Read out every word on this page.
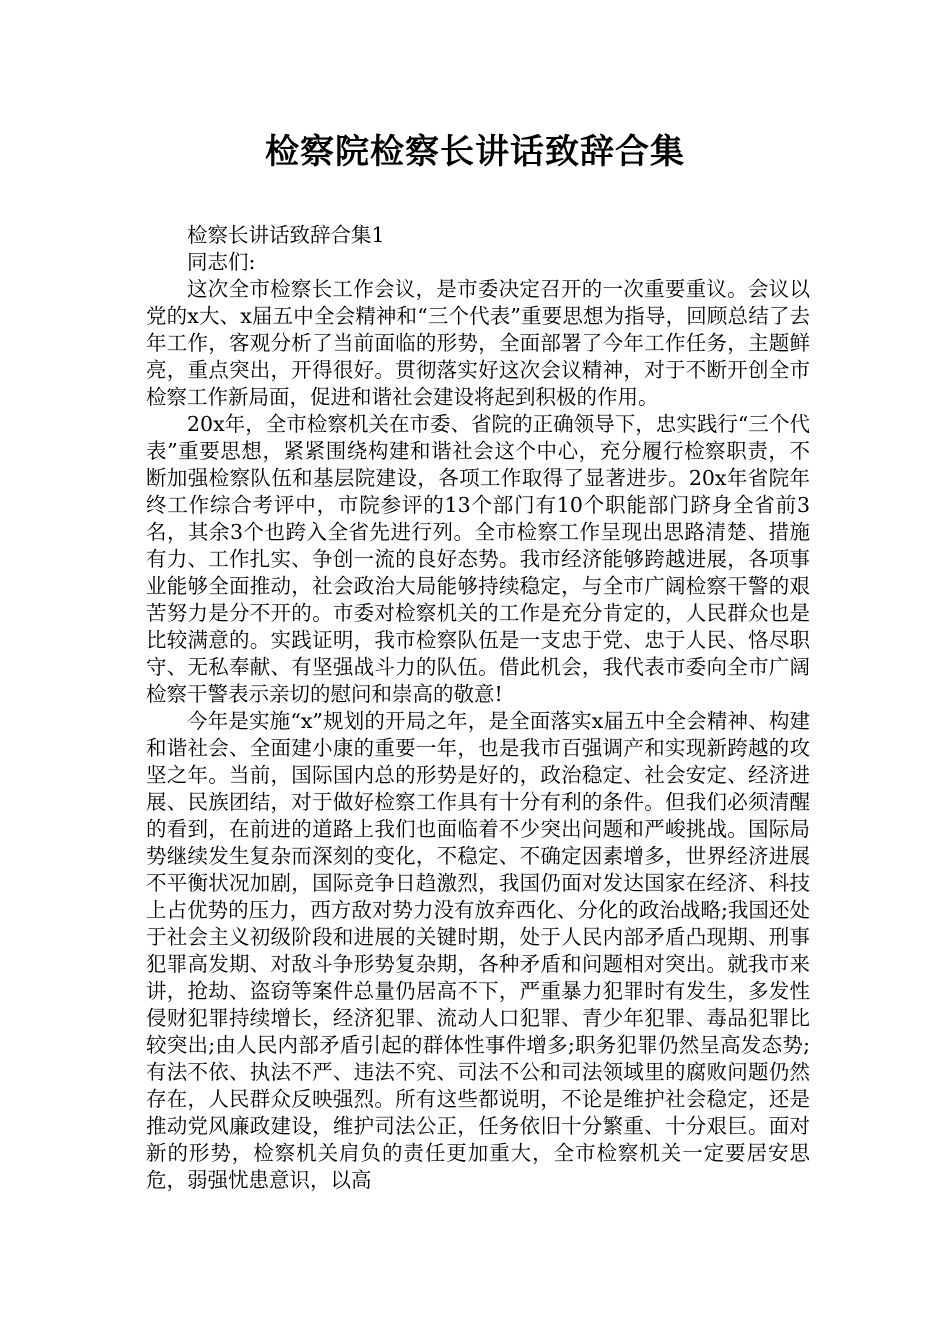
检察院检察长讲话致辞合集

检察长讲话致辞合集1

同志们:

这次全市检察长工作会议，是市委决定召开的一次重要重议。会议以党的x大、x届五中全会精神和“三个代表”重要思想为指导，回顾总结了去年工作，客观分析了当前面临的形势，全面部署了今年工作任务，主题鲜亮，重点突出，开得很好。贯彻落实好这次会议精神，对于不断开创全市检察工作新局面，促进和谐社会建设将起到积极的作用。

20x年，全市检察机关在市委、省院的正确领导下，忠实践行“三个代表”重要思想，紧紧围绕构建和谐社会这个中心，充分履行检察职责，不断加强检察队伍和基层院建设，各项工作取得了显著进步。20x年省院年终工作综合考评中，市院参评的13个部门有10个职能部门跻身全省前3名，其余3个也跨入全省先进行列。全市检察工作呈现出思路清楚、措施有力、工作扎实、争创一流的良好态势。我市经济能够跨越进展，各项事业能够全面推动，社会政治大局能够持续稳定，与全市广阔检察干警的艰苦努力是分不开的。市委对检察机关的工作是充分肯定的，人民群众也是比较满意的。实践证明，我市检察队伍是一支忠于党、忠于人民、恪尽职守、无私奉献、有坚强战斗力的队伍。借此机会，我代表市委向全市广阔检察干警表示亲切的慰问和崇高的敬意!

今年是实施“x”规划的开局之年，是全面落实x届五中全会精神、构建和谐社会、全面建小康的重要一年，也是我市百强调产和实现新跨越的攻坚之年。当前，国际国内总的形势是好的，政治稳定、社会安定、经济进展、民族团结，对于做好检察工作具有十分有利的条件。但我们必须清醒的看到，在前进的道路上我们也面临着不少突出问题和严峻挑战。国际局势继续发生复杂而深刻的变化，不稳定、不确定因素增多，世界经济进展不平衡状况加剧，国际竞争日趋激烈，我国仍面对发达国家在经济、科技上占优势的压力，西方敌对势力没有放弃西化、分化的政治战略;我国还处于社会主义初级阶段和进展的关键时期，处于人民内部矛盾凸现期、刑事犯罪高发期、对敌斗争形势复杂期，各种矛盾和问题相对突出。就我市来讲，抢劫、盗窃等案件总量仍居高不下，严重暴力犯罪时有发生，多发性侵财犯罪持续增长，经济犯罪、流动人口犯罪、青少年犯罪、毒品犯罪比较突出;由人民内部矛盾引起的群体性事件增多;职务犯罪仍然呈高发态势;有法不依、执法不严、违法不究、司法不公和司法领域里的腐败问题仍然存在，人民群众反映强烈。所有这些都说明，不论是维护社会稳定，还是推动党风廉政建设，维护司法公正，任务依旧十分繁重、十分艰巨。面对新的形势，检察机关肩负的责任更加重大，全市检察机关一定要居安思危，弱强忧患意识，以高
